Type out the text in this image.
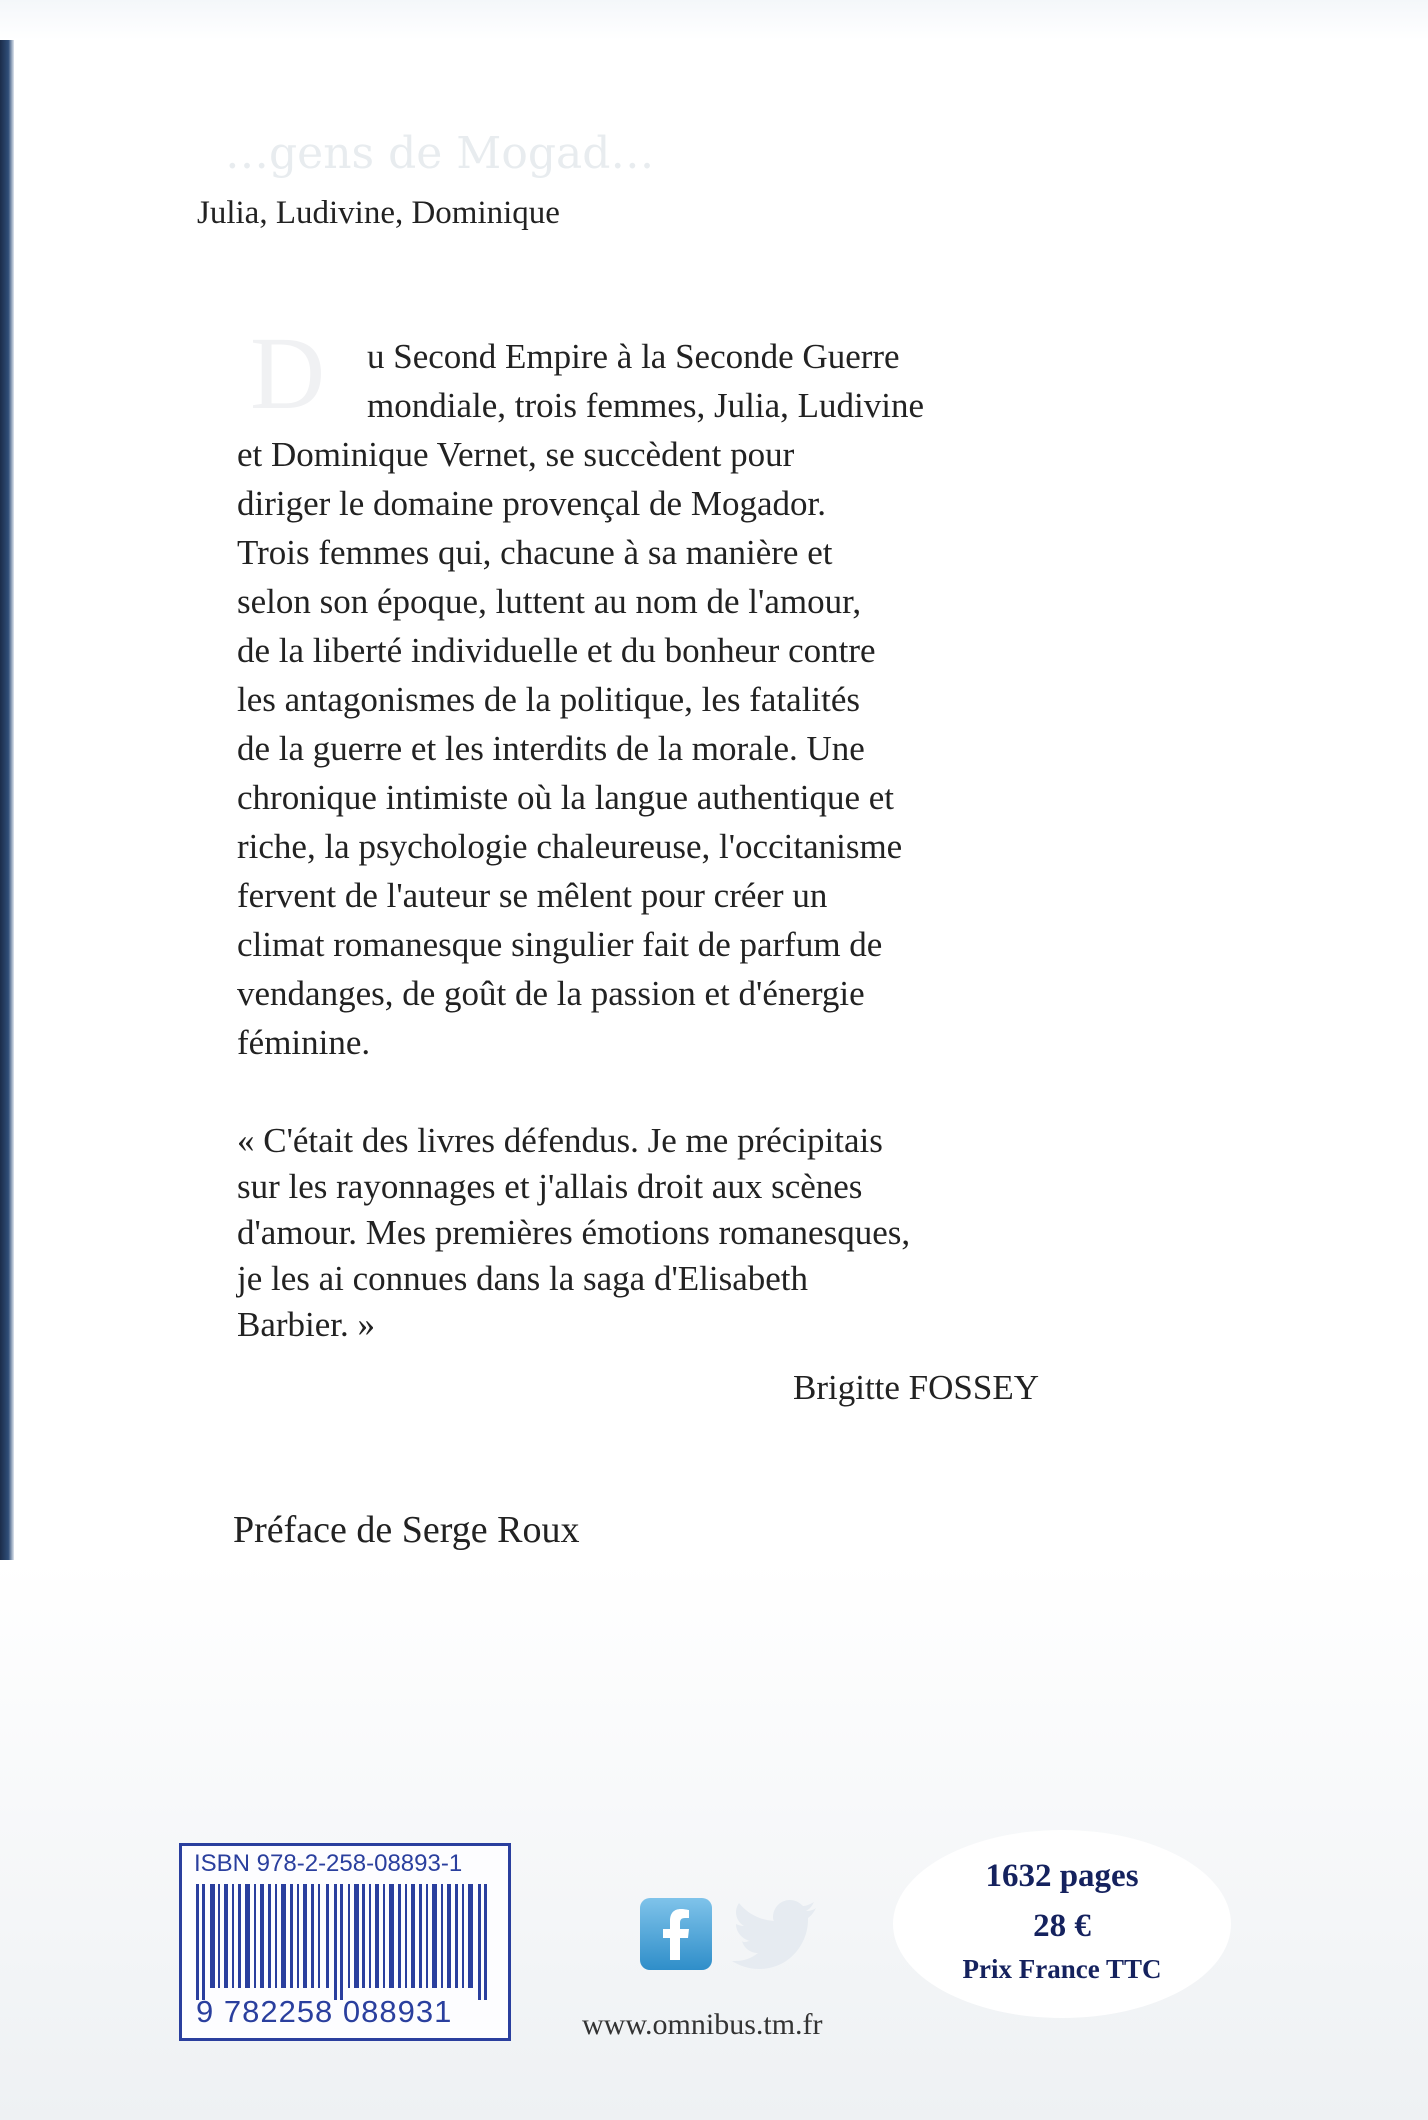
…gens de Mogad…
Julia, Ludivine, Dominique
D	u Second Empire à la Seconde Guerre
mondiale, trois femmes, Julia, Ludivine
et Dominique Vernet, se succèdent pour
diriger le domaine provençal de Mogador.
Trois femmes qui, chacune à sa manière et
selon son époque, luttent au nom de l'amour,
de la liberté individuelle et du bonheur contre
les antagonismes de la politique, les fatalités
de la guerre et les interdits de la morale. Une
chronique intimiste où la langue authentique et
riche, la psychologie chaleureuse, l'occitanisme
fervent de l'auteur se mêlent pour créer un
climat romanesque singulier fait de parfum de
vendanges, de goût de la passion et d'énergie
féminine.
« C'était des livres défendus. Je me précipitais
sur les rayonnages et j'allais droit aux scènes
d'amour. Mes premières émotions romanesques,
je les ai connues dans la saga d'Elisabeth
Barbier. »
Brigitte FOSSEY
Préface de Serge Roux
ISBN 978-2-258-08893-1
9 782258 088931	www.omnibus.tm.fr
1632 pages
28 €
Prix France TTC
